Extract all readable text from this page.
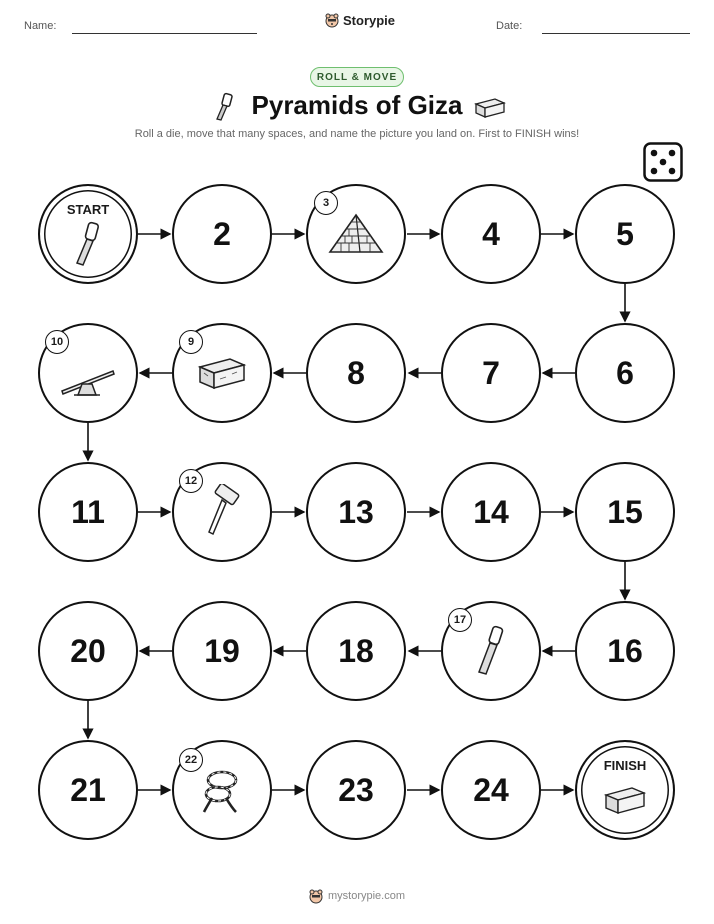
Name:	Storypie	Date:
ROLL & MOVE
Pyramids of Giza
Roll a die, move that many spaces, and name the picture you land on. First to FINISH wins!
START
2
3
4	5
6
7
8
9
10
11
12
13	14	15
16
17
18
19
20
21
22
23	24
FINISH
mystorypie.com
